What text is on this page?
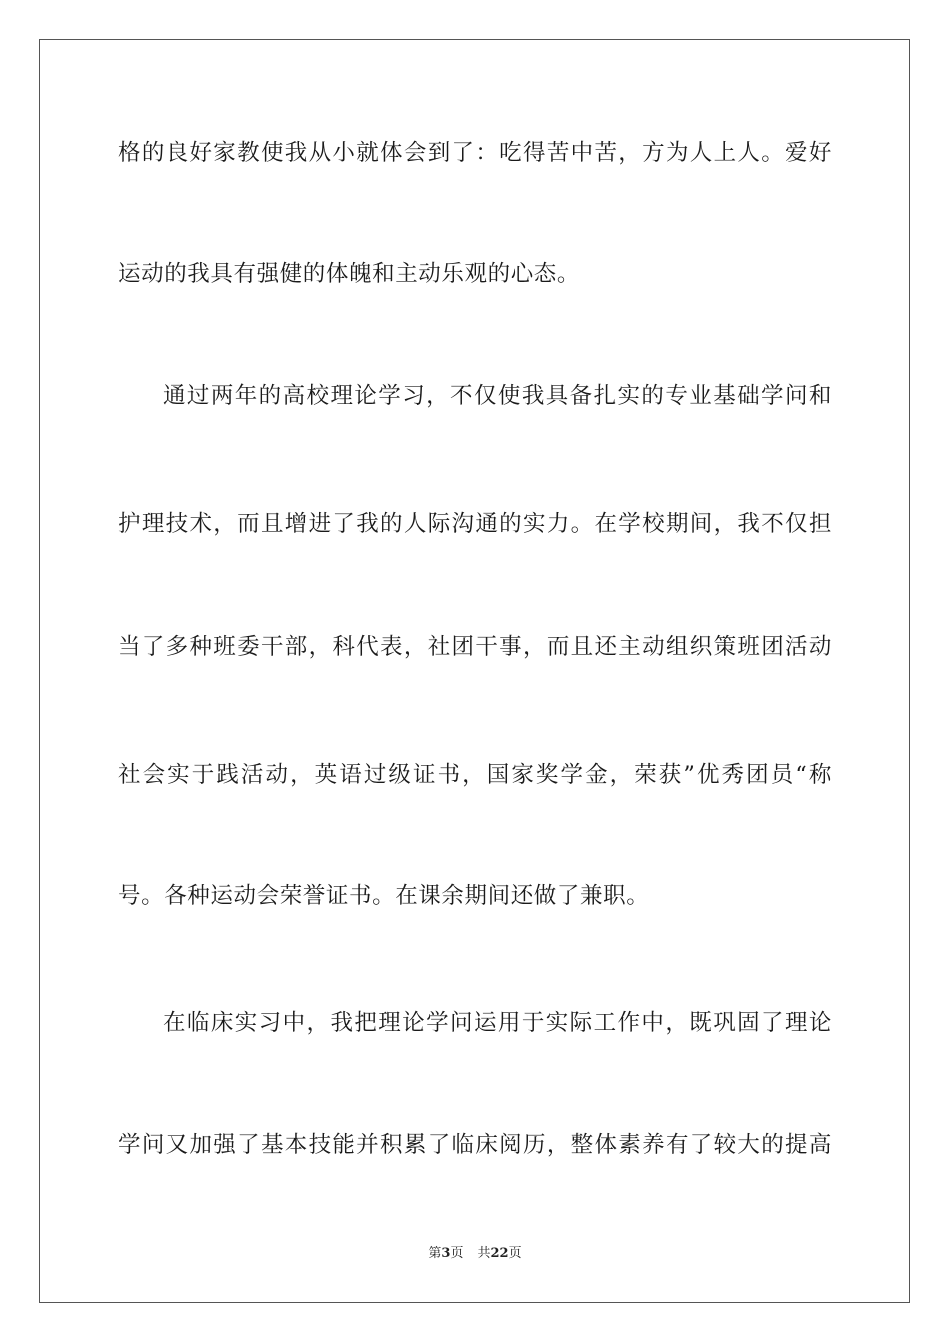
格的良好家教使我从小就体会到了：吃得苦中苦，方为人上人。爱好
运动的我具有强健的体魄和主动乐观的心态。
通过两年的高校理论学习，不仅使我具备扎实的专业基础学问和
护理技术，而且增进了我的人际沟通的实力。在学校期间，我不仅担
当了多种班委干部，科代表，社团干事，而且还主动组织策班团活动
社会实于践活动，英语过级证书，国家奖学金，荣获”优秀团员“称
号。各种运动会荣誉证书。在课余期间还做了兼职。
在临床实习中，我把理论学问运用于实际工作中，既巩固了理论
学问又加强了基本技能并积累了临床阅历，整体素养有了较大的提高
第3页 共22页
